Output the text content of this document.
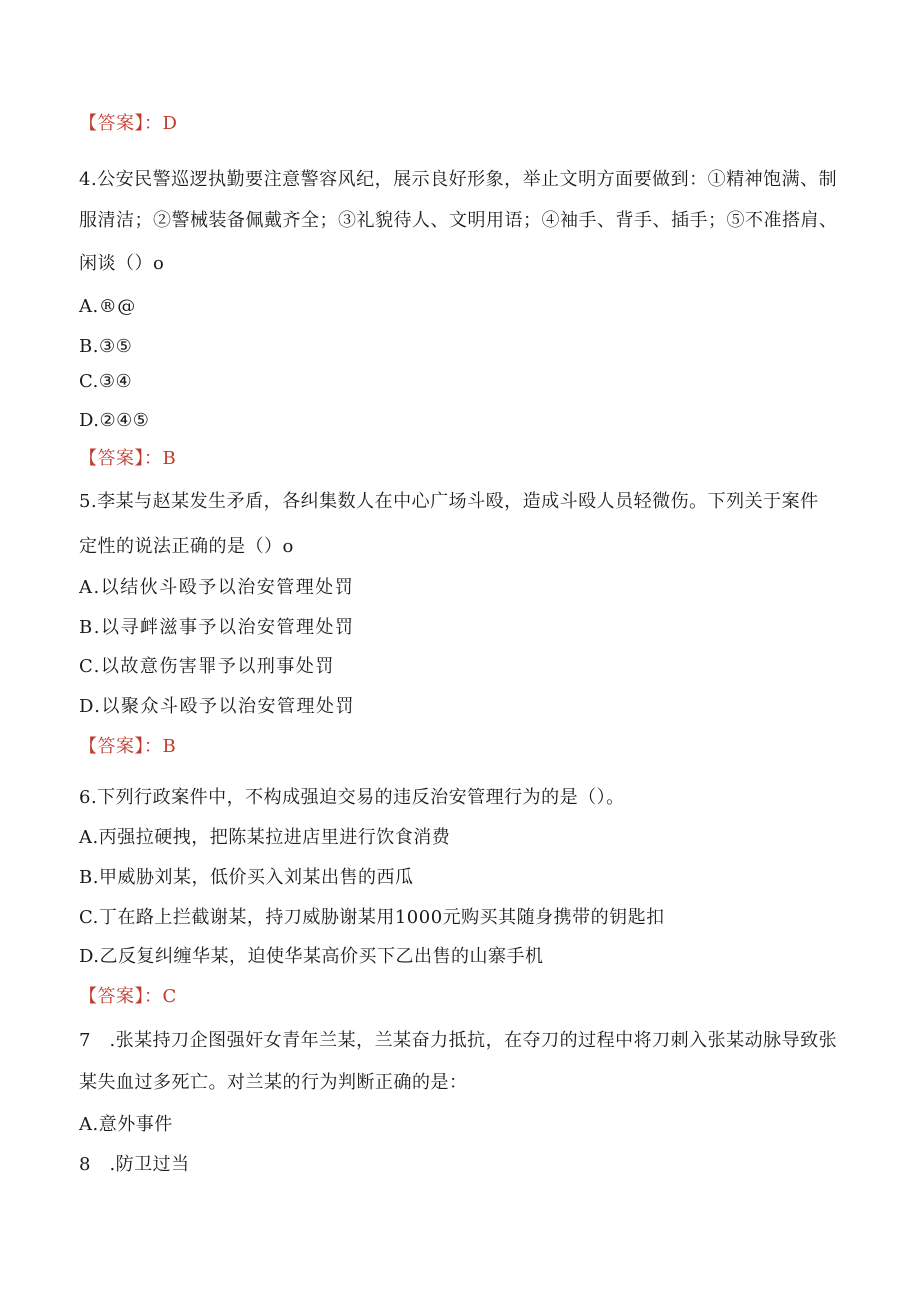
【答案】：D
4.公安民警巡逻执勤要注意警容风纪，展示良好形象，举止文明方面要做到：①精神饱满、制
服清洁；②警械装备佩戴齐全；③礼貌待人、文明用语；④袖手、背手、插手；⑤不准搭肩、
闲谈（）o
A.®@
B.③⑤
C.③④
D.②④⑤
【答案】：B
5.李某与赵某发生矛盾，各纠集数人在中心广场斗殴，造成斗殴人员轻微伤。下列关于案件
定性的说法正确的是（）o
A.以结伙斗殴予以治安管理处罚
B.以寻衅滋事予以治安管理处罚
C.以故意伤害罪予以刑事处罚
D.以聚众斗殴予以治安管理处罚
【答案】：B
6.下列行政案件中，不构成强迫交易的违反治安管理行为的是（）。
A.丙强拉硬拽，把陈某拉进店里进行饮食消费
B.甲威胁刘某，低价买入刘某出售的西瓜
C.丁在路上拦截谢某，持刀威胁谢某用1000元购买其随身携带的钥匙扣
D.乙反复纠缠华某，迫使华某高价买下乙出售的山寨手机
【答案】：C
7　.张某持刀企图强奸女青年兰某，兰某奋力抵抗，在夺刀的过程中将刀刺入张某动脉导致张
某失血过多死亡。对兰某的行为判断正确的是：
A.意外事件
8　.防卫过当
